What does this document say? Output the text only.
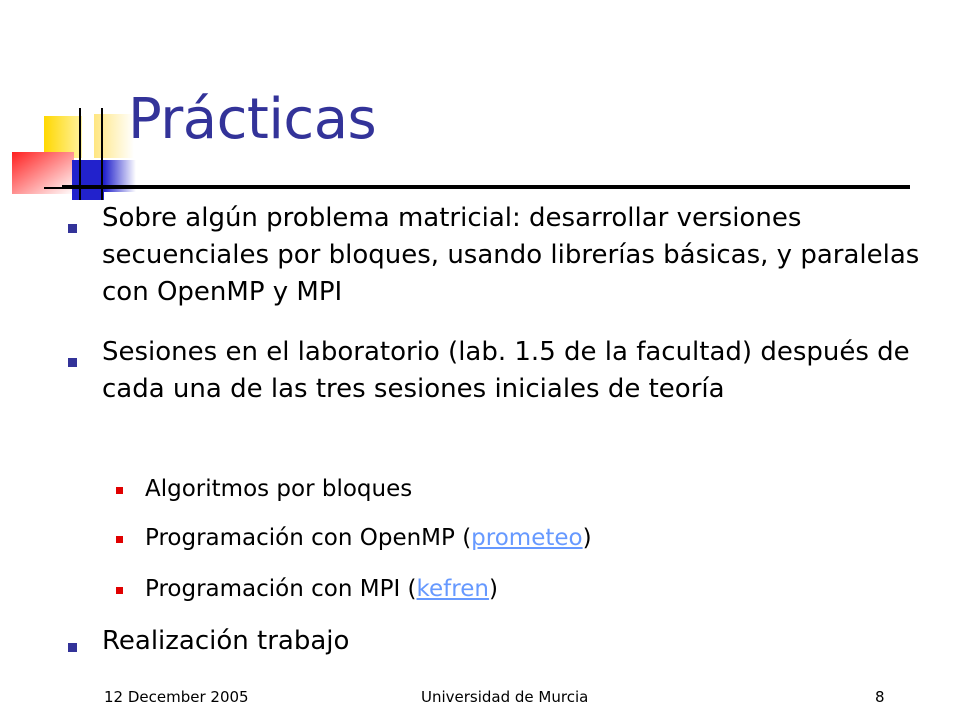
Prácticas
Sobre algún problema matricial: desarrollar versiones secuenciales por bloques, usando librerías básicas, y paralelas con OpenMP y MPI
Sesiones en el laboratorio (lab. 1.5 de la facultad) después de cada una de las tres sesiones iniciales de teoría
Algoritmos por bloques
Programación con OpenMP (prometeo)
Programación con MPI (kefren)
Realización trabajo
12 December 2005	Universidad de Murcia	8
